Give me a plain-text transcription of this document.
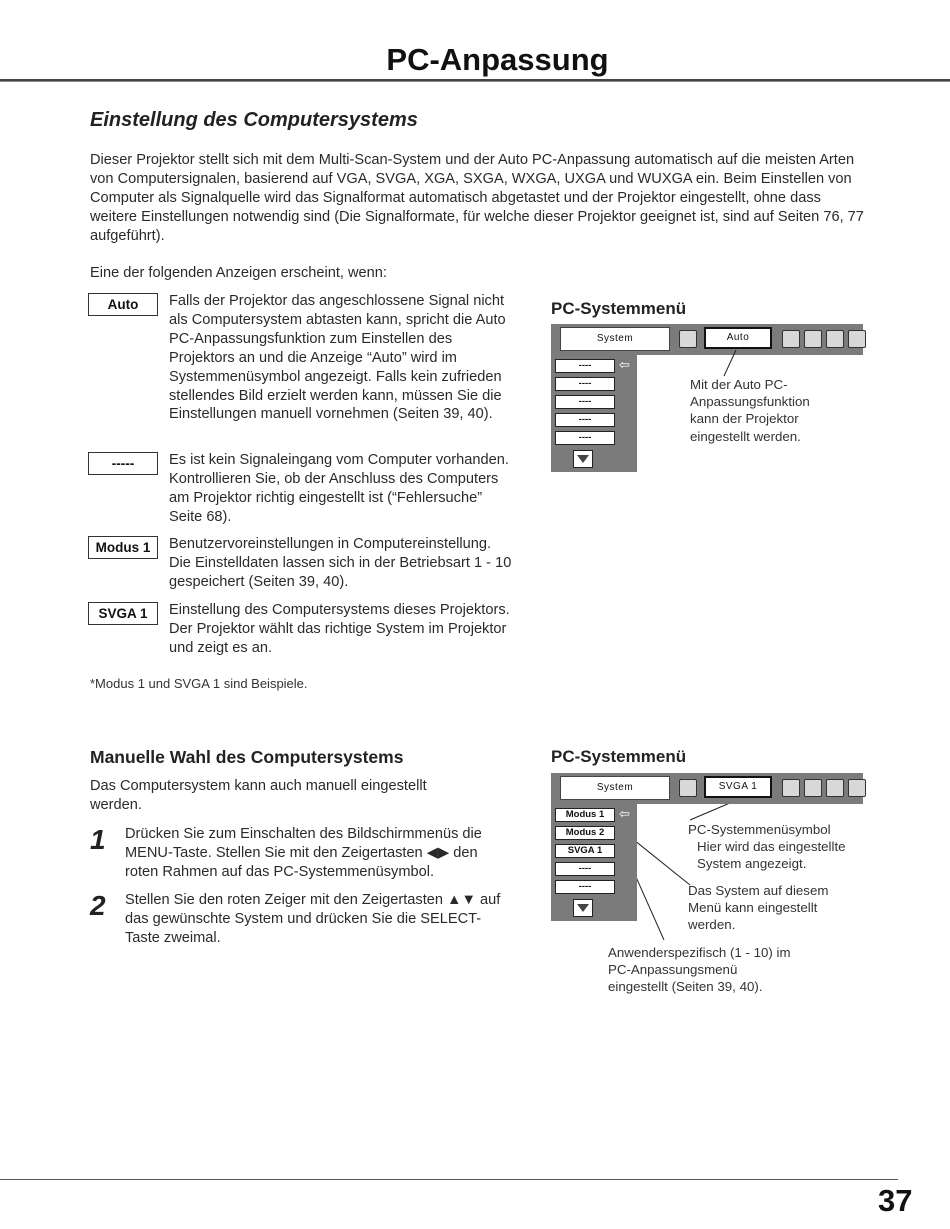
PC-Anpassung
Einstellung des Computersystems
Dieser Projektor stellt sich mit dem Multi-Scan-System und der Auto PC-Anpassung automatisch auf die meisten Arten von Computersignalen, basierend auf VGA, SVGA, XGA, SXGA, WXGA, UXGA und WUXGA ein. Beim Einstellen von Computer als Signalquelle wird das Signalformat automatisch abgetastet und der Projektor eingestellt, ohne dass weitere Einstellungen notwendig sind (Die Signalformate, für welche dieser Projektor geeignet ist, sind auf Seiten 76, 77 aufgeführt).
Eine der folgenden Anzeigen erscheint, wenn:
Auto	Falls der Projektor das angeschlossene Signal nicht als Computersystem abtasten kann, spricht die Auto PC-Anpassungsfunktion zum Einstellen des Projektors an und die Anzeige “Auto” wird im Systemmenüsymbol angezeigt. Falls kein zufrieden stellendes Bild erzielt werden kann, müssen Sie die Einstellungen manuell vornehmen (Seiten 39, 40).
-----	Es ist kein Signaleingang vom Computer vorhanden. Kontrollieren Sie, ob der Anschluss des Computers am Projektor richtig eingestellt ist (“Fehlersuche” Seite 68).
Modus 1	Benutzervoreinstellungen in Computereinstellung. Die Einstelldaten lassen sich in der Betriebsart 1 - 10 gespeichert (Seiten 39, 40).
SVGA 1	Einstellung des Computersystems dieses Projektors. Der Projektor wählt das richtige System im Projektor und zeigt es an.
*Modus 1 und SVGA 1 sind Beispiele.
PC-Systemmenü
System	Auto
----	⇦
----
----
----
----
Mit der Auto PC-Anpassungsfunktion kann der Projektor eingestellt werden.
Manuelle Wahl des Computersystems
Das Computersystem kann auch manuell eingestellt werden.
1 Drücken Sie zum Einschalten des Bildschirmmenüs die MENU-Taste. Stellen Sie mit den Zeigertasten ◀▶ den roten Rahmen auf das PC-Systemmenüsymbol.
2 Stellen Sie den roten Zeiger mit den Zeigertasten ▲▼ auf das gewünschte System und drücken Sie die SELECT-Taste zweimal.
PC-Systemmenü
System	SVGA 1
Modus 1	⇦
Modus 2
SVGA 1
----
----
PC-Systemmenüsymbol
Hier wird das eingestellte System angezeigt.
Das System auf diesem Menü kann eingestellt werden.
Anwenderspezifisch (1 - 10) im PC-Anpassungsmenü eingestellt (Seiten 39, 40).
37
